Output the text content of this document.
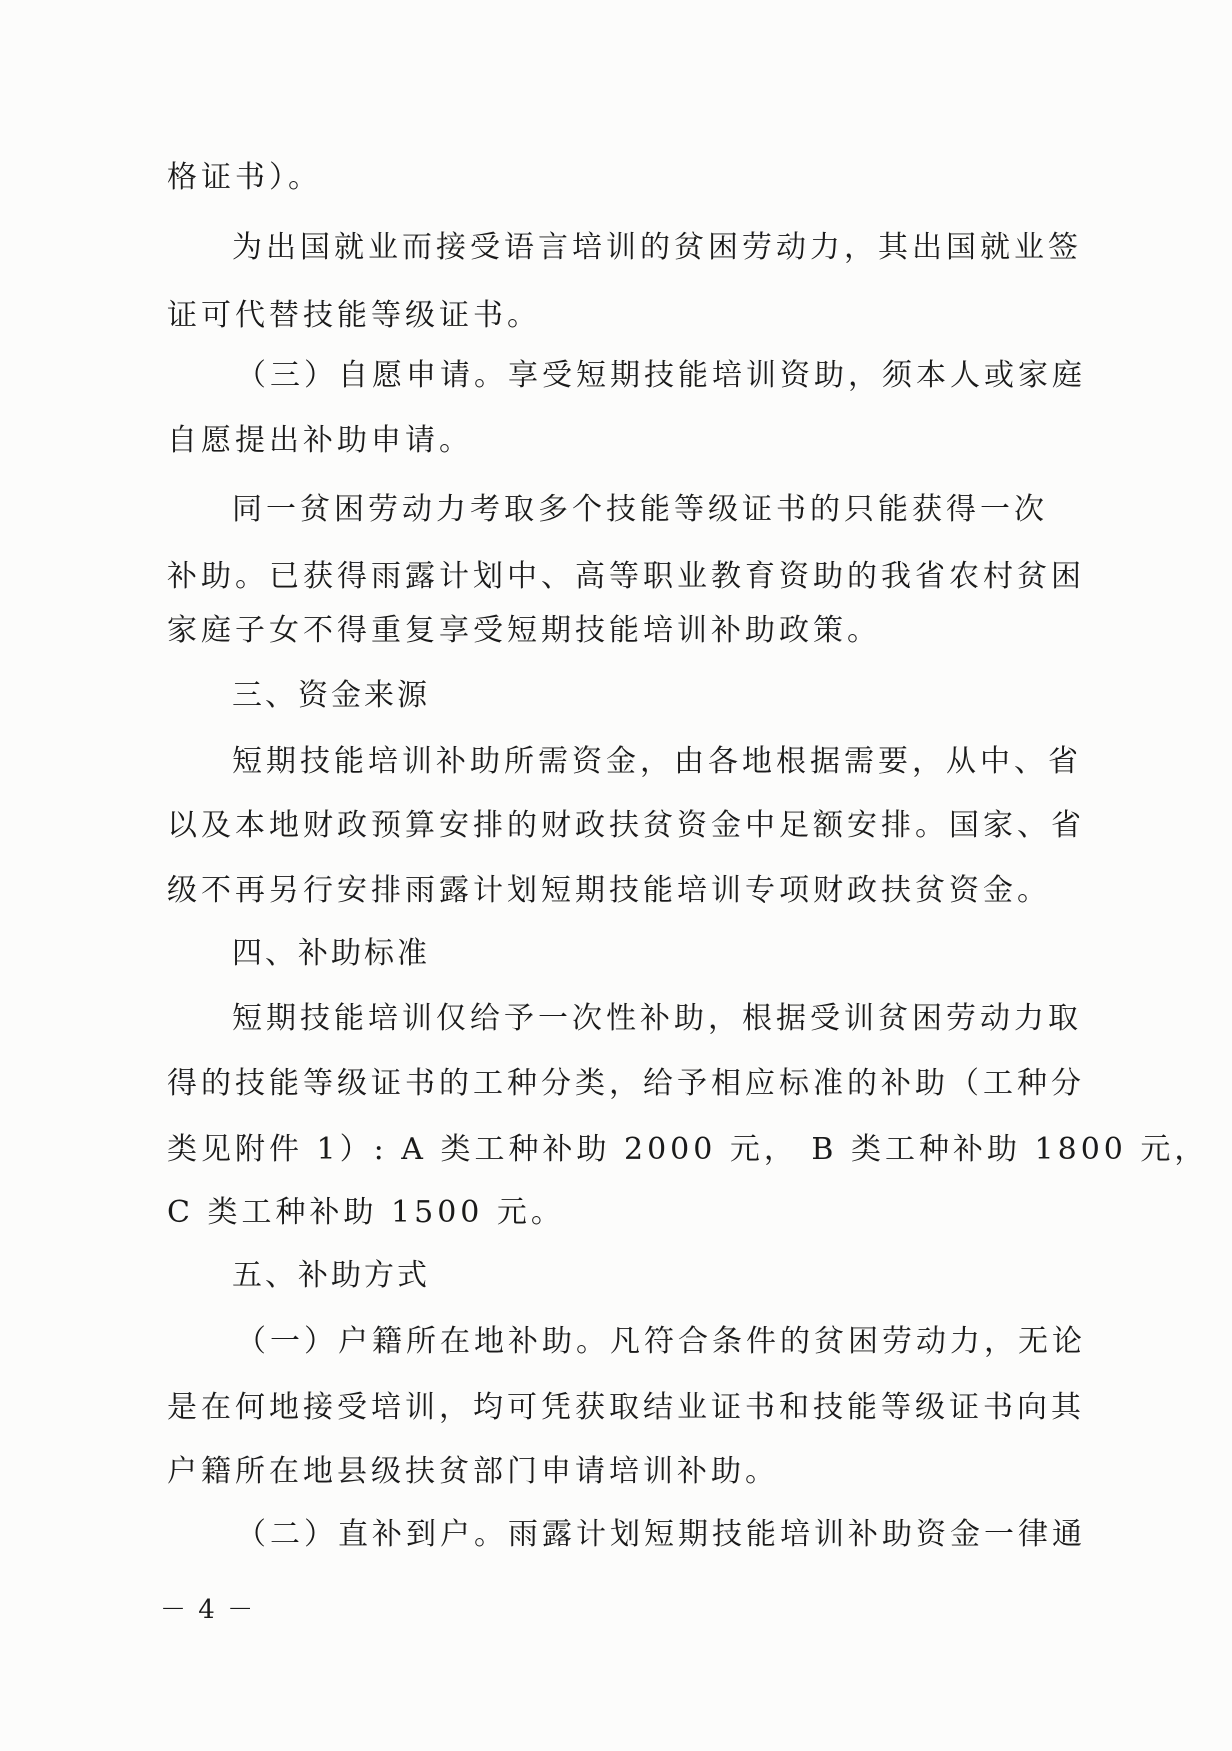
格证书）。
为出国就业而接受语言培训的贫困劳动力，其出国就业签
证可代替技能等级证书。
（三）自愿申请。享受短期技能培训资助，须本人或家庭
自愿提出补助申请。
同一贫困劳动力考取多个技能等级证书的只能获得一次
补助。已获得雨露计划中、高等职业教育资助的我省农村贫困
家庭子女不得重复享受短期技能培训补助政策。
三、资金来源
短期技能培训补助所需资金，由各地根据需要，从中、省
以及本地财政预算安排的财政扶贫资金中足额安排。国家、省
级不再另行安排雨露计划短期技能培训专项财政扶贫资金。
四、补助标准
短期技能培训仅给予一次性补助，根据受训贫困劳动力取
得的技能等级证书的工种分类，给予相应标准的补助（工种分
类见附件 1）: A 类工种补助 2000 元， B 类工种补助 1800 元，
C 类工种补助 1500 元。
五、补助方式
（一）户籍所在地补助。凡符合条件的贫困劳动力，无论
是在何地接受培训，均可凭获取结业证书和技能等级证书向其
户籍所在地县级扶贫部门申请培训补助。
（二）直补到户。雨露计划短期技能培训补助资金一律通
－ 4 －
